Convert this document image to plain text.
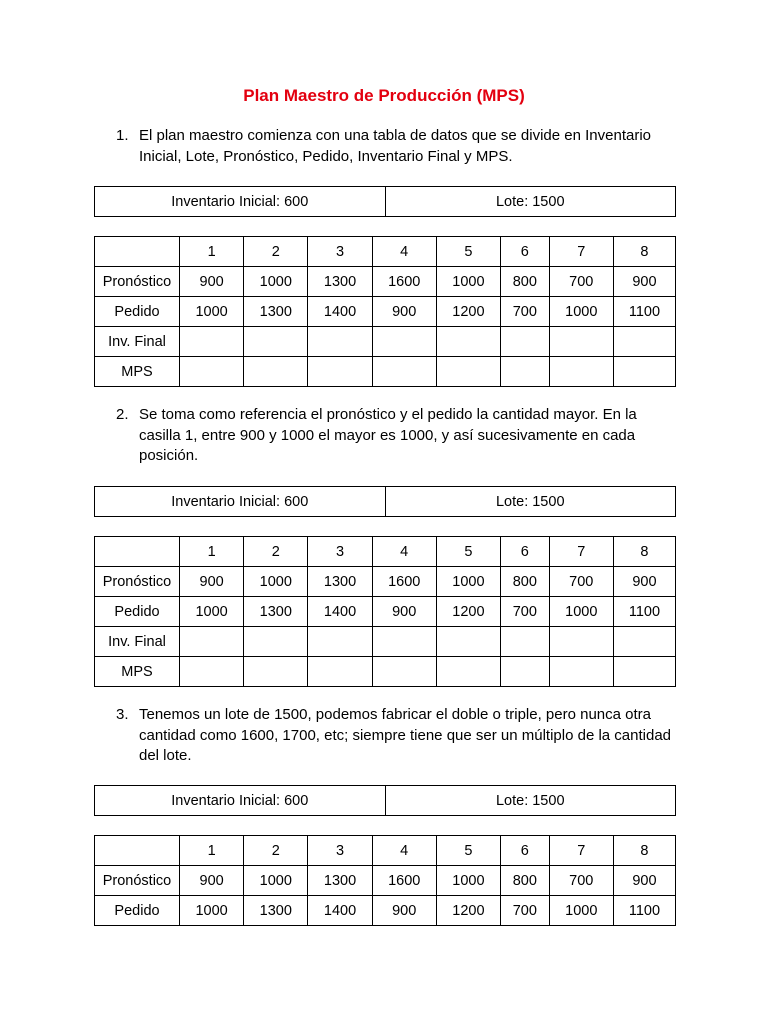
Plan Maestro de Producción (MPS)
1. El plan maestro comienza con una tabla de datos que se divide en Inventario Inicial, Lote, Pronóstico, Pedido, Inventario Final y MPS.
Inventario Inicial: 600	Lote: 1500
	1	2	3	4	5	6	7	8
Pronóstico	900	1000	1300	1600	1000	800	700	900
Pedido	1000	1300	1400	900	1200	700	1000	1100
Inv. Final								
MPS								
2. Se toma como referencia el pronóstico y el pedido la cantidad mayor. En la casilla 1, entre 900 y 1000 el mayor es 1000, y así sucesivamente en cada posición.
Inventario Inicial: 600	Lote: 1500
	1	2	3	4	5	6	7	8
Pronóstico	900	1000	1300	1600	1000	800	700	900
Pedido	1000	1300	1400	900	1200	700	1000	1100
Inv. Final								
MPS								
3. Tenemos un lote de 1500, podemos fabricar el doble o triple, pero nunca otra cantidad como 1600, 1700, etc; siempre tiene que ser un múltiplo de la cantidad del lote.
Inventario Inicial: 600	Lote: 1500
	1	2	3	4	5	6	7	8
Pronóstico	900	1000	1300	1600	1000	800	700	900
Pedido	1000	1300	1400	900	1200	700	1000	1100
